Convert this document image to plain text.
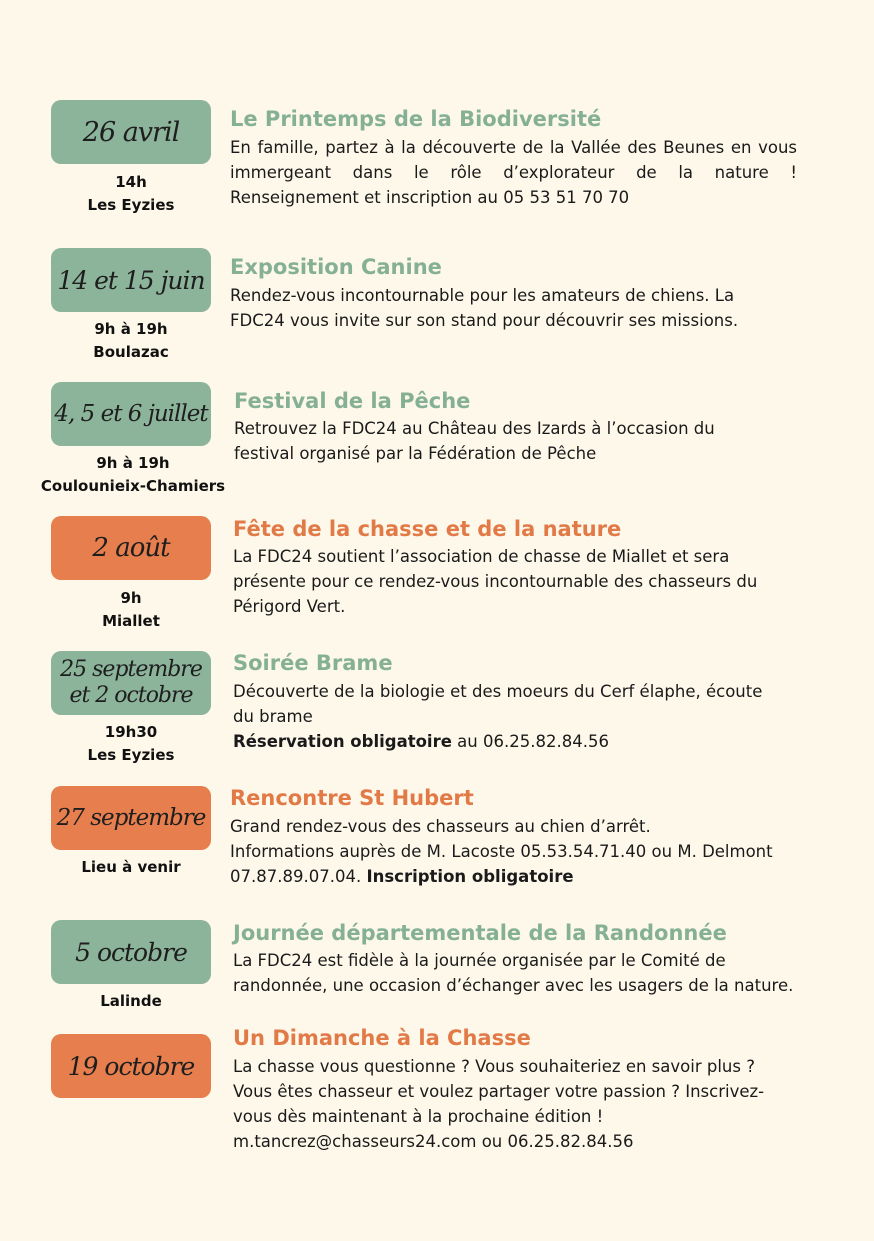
26 avril
14h
Les Eyzies
Le Printemps de la Biodiversité
En famille, partez à la découverte de la Vallée des Beunes en vous immergeant dans le rôle d’explorateur de la nature ! Renseignement et inscription au 05 53 51 70 70
14 et 15 juin
9h à 19h
Boulazac
Exposition Canine

Rendez-vous incontournable pour les amateurs de chiens. La

FDC24 vous invite sur son stand pour découvrir ses missions.

4, 5 et 6 juillet
9h à 19h
Coulounieix-Chamiers
Festival de la Pêche

Retrouvez la FDC24 au Château des Izards à l’occasion du

festival organisé par la Fédération de Pêche

2 août
9h
Miallet
Fête de la chasse et de la nature

La FDC24 soutient l’association de chasse de Miallet et sera

présente pour ce rendez-vous incontournable des chasseurs du

Périgord Vert.

25 septembre
et 2 octobre
19h30
Les Eyzies
Soirée Brame

Découverte de la biologie et des moeurs du Cerf élaphe, écoute

du brame

Réservation obligatoire au 06.25.82.84.56

27 septembre
Lieu à venir
Rencontre St Hubert

Grand rendez-vous des chasseurs au chien d’arrêt.

Informations auprès de M. Lacoste 05.53.54.71.40 ou M. Delmont

07.87.89.07.04. Inscription obligatoire

5 octobre
Lalinde
Journée départementale de la Randonnée

La FDC24 est fidèle à la journée organisée par le Comité de

randonnée, une occasion d’échanger avec les usagers de la nature.

19 octobre
Un Dimanche à la Chasse

La chasse vous questionne ? Vous souhaiteriez en savoir plus ?

Vous êtes chasseur et voulez partager votre passion ? Inscrivez-

vous dès maintenant à la prochaine édition !

m.tancrez@chasseurs24.com ou 06.25.82.84.56
